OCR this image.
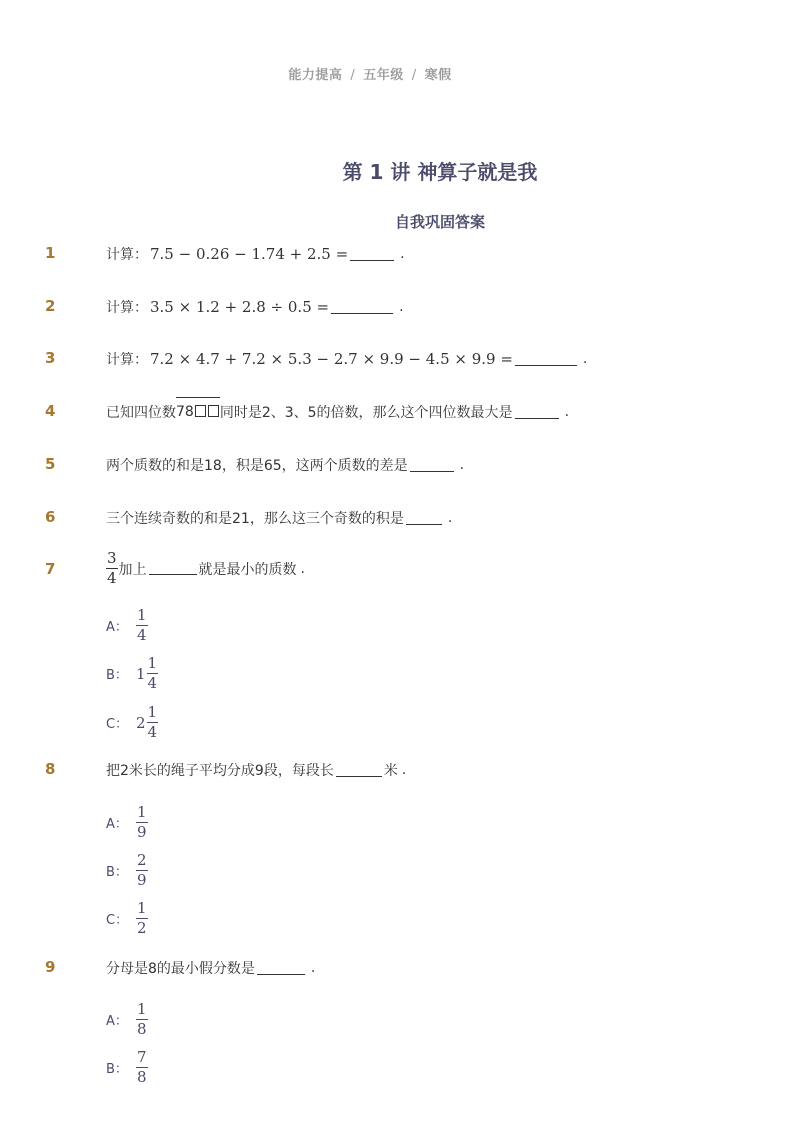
能力提高 / 五年级 / 寒假
第 1 讲 神算子就是我
自我巩固答案
1	计算： 7.5 − 0.26 − 1.74 + 2.5 =	.
2	计算： 3.5 × 1.2 + 2.8 ÷ 0.5 =	.
3	计算： 7.2 × 4.7 + 7.2 × 5.3 − 2.7 × 9.9 − 4.5 × 9.9 =	.
4	已知四位数 78	同时是2、3、5的倍数，那么这个四位数最大是	.
5	两个质数的和是18，积是65，这两个质数的差是	.
6	三个连续奇数的和是21，那么这三个奇数的积是	.
7	$\frac{3}{4}$ 加上	就是最小的质数 .
A： $\frac{1}{4}$
B： $1 \frac{1}{4}$
C： $2 \frac{1}{4}$
8	把2米长的绳子平均分成9段，每段长	米 .
A： $\frac{1}{9}$
B： $\frac{2}{9}$
C： $\frac{1}{2}$
9	分母是8的最小假分数是	.
A： $\frac{1}{8}$
B： $\frac{7}{8}$
